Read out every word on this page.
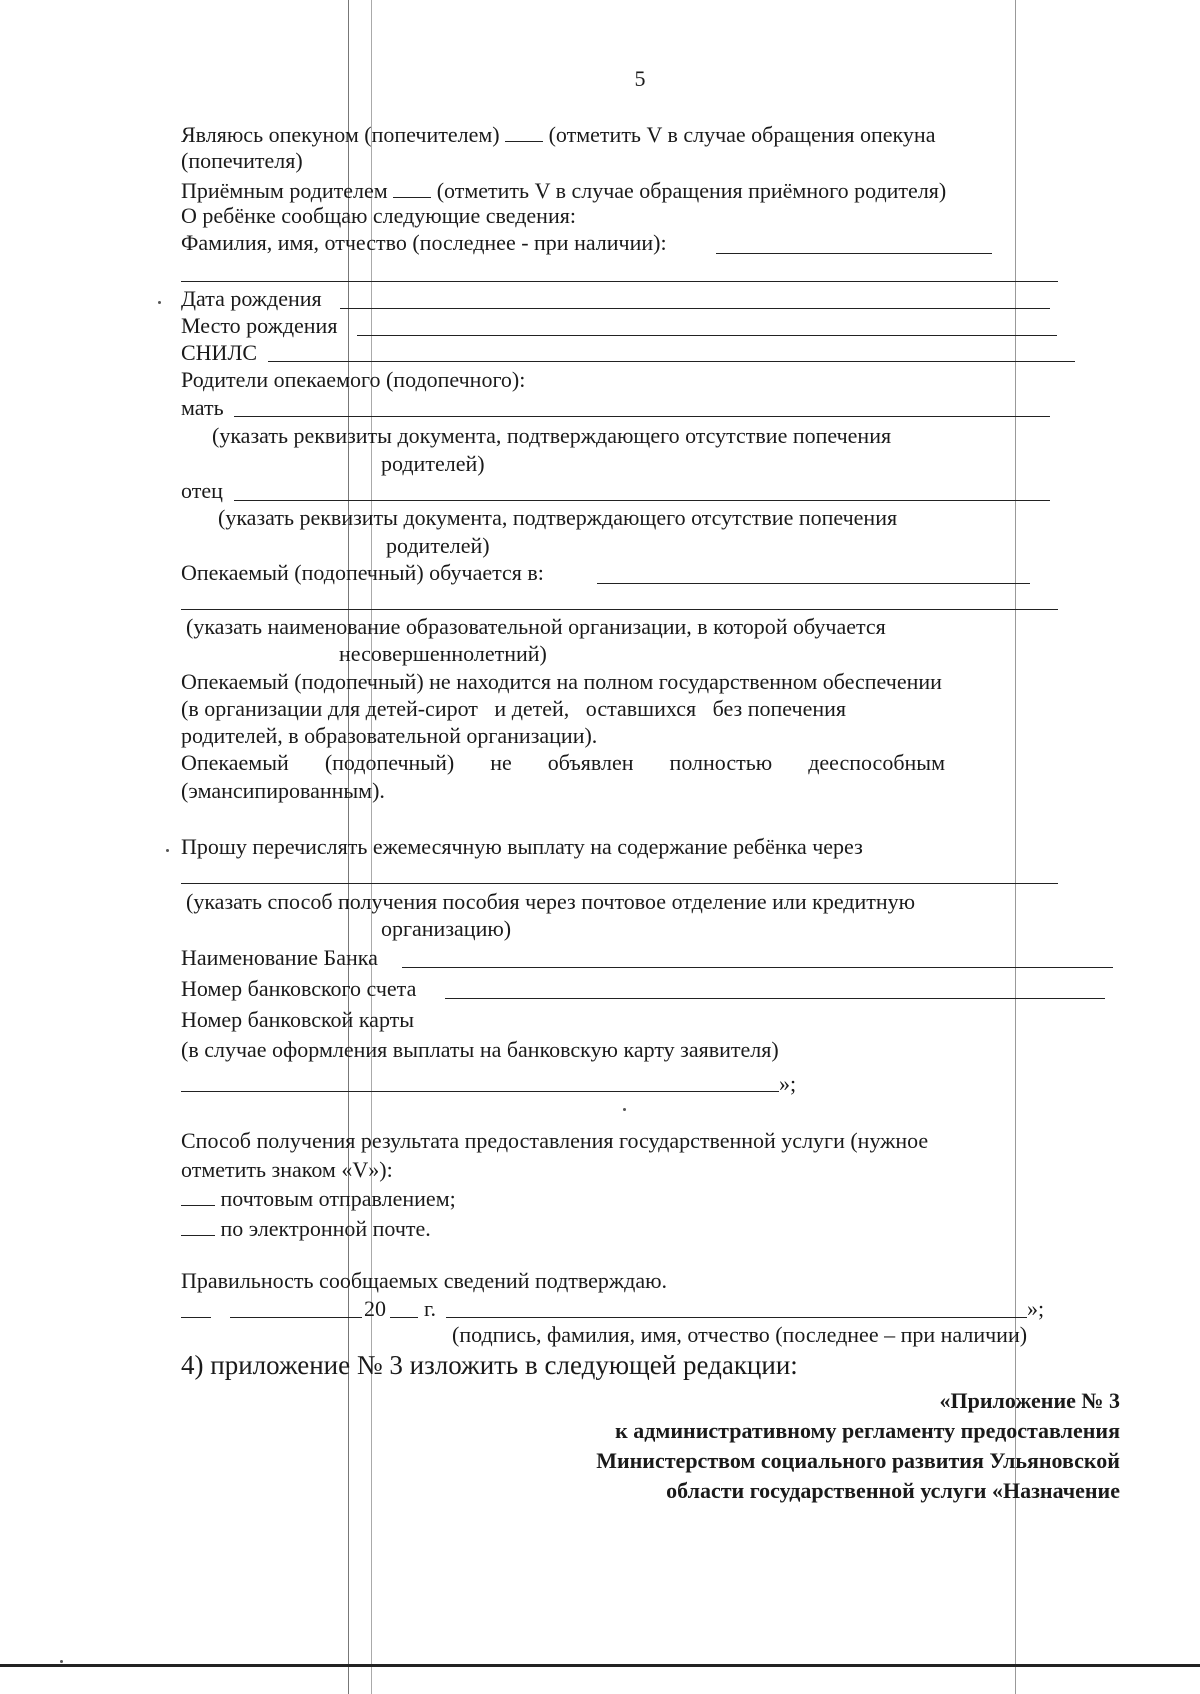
5
Являюсь опекуном (попечителем) (отметить V в случае обращения опекуна
(попечителя)
Приёмным родителем (отметить V в случае обращения приёмного родителя)
О ребёнке сообщаю следующие сведения:
Фамилия, имя, отчество (последнее - при наличии):
Дата рождения
Место рождения
СНИЛС
Родители опекаемого (подопечного):
мать
(указать реквизиты документа, подтверждающего отсутствие попечения
родителей)
отец
(указать реквизиты документа, подтверждающего отсутствие попечения
родителей)
Опекаемый (подопечный) обучается в:
(указать наименование образовательной организации, в которой обучается
несовершеннолетний)
Опекаемый (подопечный) не находится на полном государственном обеспечении
(в организации для детей-сирот   и детей,   оставшихся   без попечения
родителей, в образовательной организации).
Опекаемый (подопечный) не объявлен полностью дееспособным
(эмансипированным).
Прошу перечислять ежемесячную выплату на содержание ребёнка через
(указать способ получения пособия через почтовое отделение или кредитную
организацию)
Наименование Банка
Номер банковского счета
Номер банковской карты
(в случае оформления выплаты на банковскую карту заявителя)
»;
Способ получения результата предоставления государственной услуги (нужное
отметить знаком «V»):
почтовым отправлением;
по электронной почте.
Правильность сообщаемых сведений подтверждаю.
20 г.	»;
(подпись, фамилия, имя, отчество (последнее – при наличии)
4) приложение № 3 изложить в следующей редакции:
«Приложение № 3
к административному регламенту предоставления
Министерством социального развития Ульяновской
области государственной услуги «Назначение
